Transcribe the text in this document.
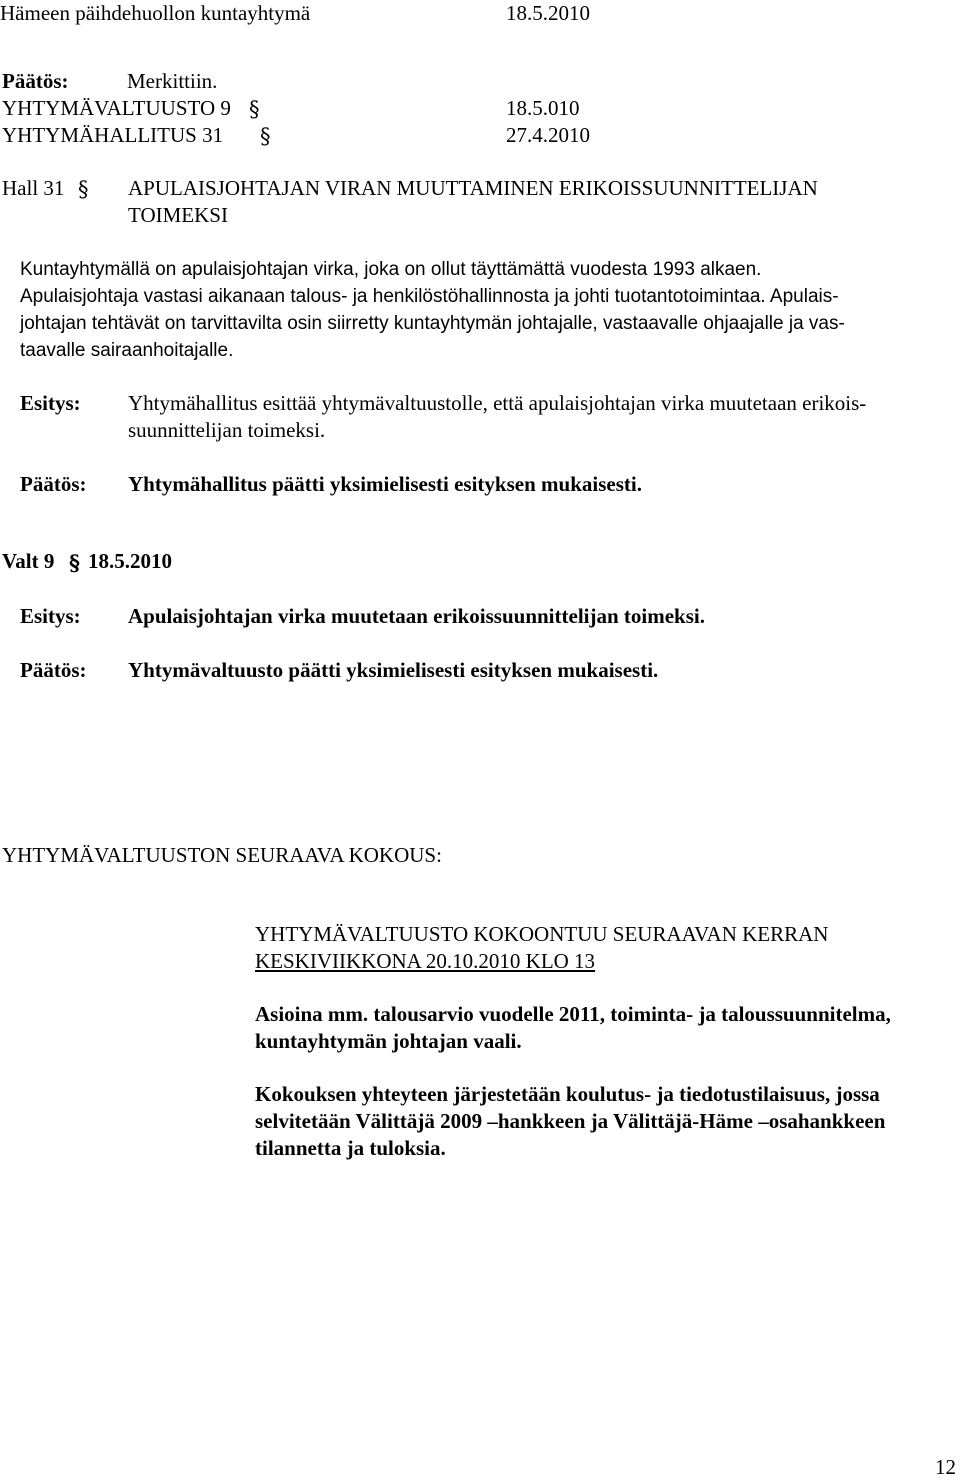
Hämeen päihdehuollon kuntayhtymä	18.5.2010
Päätös:	Merkittiin.
YHTYMÄVALTUUSTO 9 §	18.5.010
YHTYMÄHALLITUS 31 §	27.4.2010
Hall 31 § APULAISJOHTAJAN VIRAN MUUTTAMINEN ERIKOISSUUNNITTELIJAN
TOIMEKSI
Kuntayhtymällä on apulaisjohtajan virka, joka on ollut täyttämättä vuodesta 1993 alkaen.
Apulaisjohtaja vastasi aikanaan talous- ja henkilöstöhallinnosta ja johti tuotantotoimintaa. Apulais-
johtajan tehtävät on tarvittavilta osin siirretty kuntayhtymän johtajalle, vastaavalle ohjaajalle ja vas-
taavalle sairaanhoitajalle.
Esitys: Yhtymähallitus esittää yhtymävaltuustolle, että apulaisjohtajan virka muutetaan erikois-
suunnittelijan toimeksi.
Päätös: Yhtymähallitus päätti yksimielisesti esityksen mukaisesti.
Valt 9 § 18.5.2010
Esitys: Apulaisjohtajan virka muutetaan erikoissuunnittelijan toimeksi.
Päätös: Yhtymävaltuusto päätti yksimielisesti esityksen mukaisesti.
YHTYMÄVALTUUSTON SEURAAVA KOKOUS:
YHTYMÄVALTUUSTO KOKOONTUU SEURAAVAN KERRAN
KESKIVIIKKONA 20.10.2010 KLO 13
Asioina mm. talousarvio vuodelle 2011, toiminta- ja taloussuunnitelma,
kuntayhtymän johtajan vaali.
Kokouksen yhteyteen järjestetään koulutus- ja tiedotustilaisuus, jossa
selvitetään Välittäjä 2009 –hankkeen ja Välittäjä-Häme –osahankkeen
tilannetta ja tuloksia.
12
